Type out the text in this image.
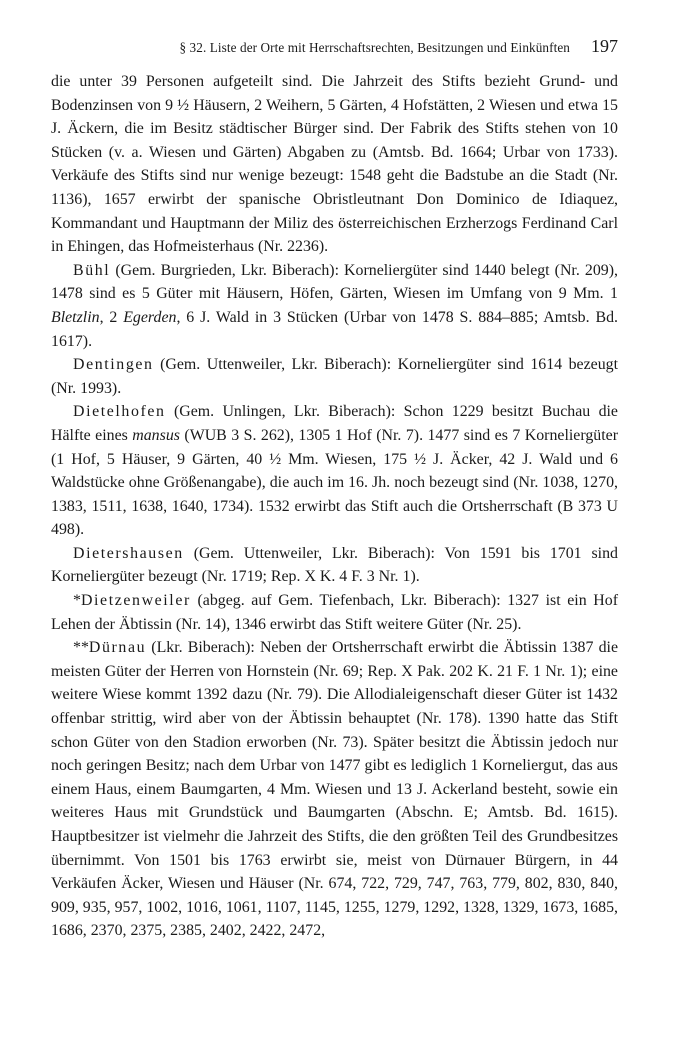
§ 32. Liste der Orte mit Herrschaftsrechten, Besitzungen und Einkünften	197

die unter 39 Personen aufgeteilt sind. Die Jahrzeit des Stifts bezieht Grund- und Bodenzinsen von 9 ½ Häusern, 2 Weihern, 5 Gärten, 4 Hofstätten, 2 Wiesen und etwa 15 J. Äckern, die im Besitz städtischer Bürger sind. Der Fabrik des Stifts stehen von 10 Stücken (v. a. Wiesen und Gärten) Abgaben zu (Amtsb. Bd. 1664; Urbar von 1733). Verkäufe des Stifts sind nur wenige bezeugt: 1548 geht die Badstube an die Stadt (Nr. 1136), 1657 erwirbt der spanische Obristleutnant Don Dominico de Idiaquez, Kommandant und Hauptmann der Miliz des österreichischen Erzherzogs Ferdinand Carl in Ehingen, das Hofmeisterhaus (Nr. 2236).

Bühl (Gem. Burgrieden, Lkr. Biberach): Korneliergüter sind 1440 belegt (Nr. 209), 1478 sind es 5 Güter mit Häusern, Höfen, Gärten, Wiesen im Umfang von 9 Mm. 1 Bletzlin, 2 Egerden, 6 J. Wald in 3 Stücken (Urbar von 1478 S. 884–885; Amtsb. Bd. 1617).

Dentingen (Gem. Uttenweiler, Lkr. Biberach): Korneliergüter sind 1614 bezeugt (Nr. 1993).

Dietelhofen (Gem. Unlingen, Lkr. Biberach): Schon 1229 besitzt Buchau die Hälfte eines mansus (WUB 3 S. 262), 1305 1 Hof (Nr. 7). 1477 sind es 7 Korneliergüter (1 Hof, 5 Häuser, 9 Gärten, 40 ½ Mm. Wiesen, 175 ½ J. Äcker, 42 J. Wald und 6 Waldstücke ohne Größenangabe), die auch im 16. Jh. noch bezeugt sind (Nr. 1038, 1270, 1383, 1511, 1638, 1640, 1734). 1532 erwirbt das Stift auch die Ortsherrschaft (B 373 U 498).

Dietershausen (Gem. Uttenweiler, Lkr. Biberach): Von 1591 bis 1701 sind Korneliergüter bezeugt (Nr. 1719; Rep. X K. 4 F. 3 Nr. 1).

*Dietzenweiler (abgeg. auf Gem. Tiefenbach, Lkr. Biberach): 1327 ist ein Hof Lehen der Äbtissin (Nr. 14), 1346 erwirbt das Stift weitere Güter (Nr. 25).

**Dürnau (Lkr. Biberach): Neben der Ortsherrschaft erwirbt die Äbtissin 1387 die meisten Güter der Herren von Hornstein (Nr. 69; Rep. X Pak. 202 K. 21 F. 1 Nr. 1); eine weitere Wiese kommt 1392 dazu (Nr. 79). Die Allodialeigenschaft dieser Güter ist 1432 offenbar strittig, wird aber von der Äbtissin behauptet (Nr. 178). 1390 hatte das Stift schon Güter von den Stadion erworben (Nr. 73). Später besitzt die Äbtissin jedoch nur noch geringen Besitz; nach dem Urbar von 1477 gibt es lediglich 1 Korneliergut, das aus einem Haus, einem Baumgarten, 4 Mm. Wiesen und 13 J. Ackerland besteht, sowie ein weiteres Haus mit Grundstück und Baumgarten (Abschn. E; Amtsb. Bd. 1615). Hauptbesitzer ist vielmehr die Jahrzeit des Stifts, die den größten Teil des Grundbesitzes übernimmt. Von 1501 bis 1763 erwirbt sie, meist von Dürnauer Bürgern, in 44 Verkäufen Äcker, Wiesen und Häuser (Nr. 674, 722, 729, 747, 763, 779, 802, 830, 840, 909, 935, 957, 1002, 1016, 1061, 1107, 1145, 1255, 1279, 1292, 1328, 1329, 1673, 1685, 1686, 2370, 2375, 2385, 2402, 2422, 2472,
